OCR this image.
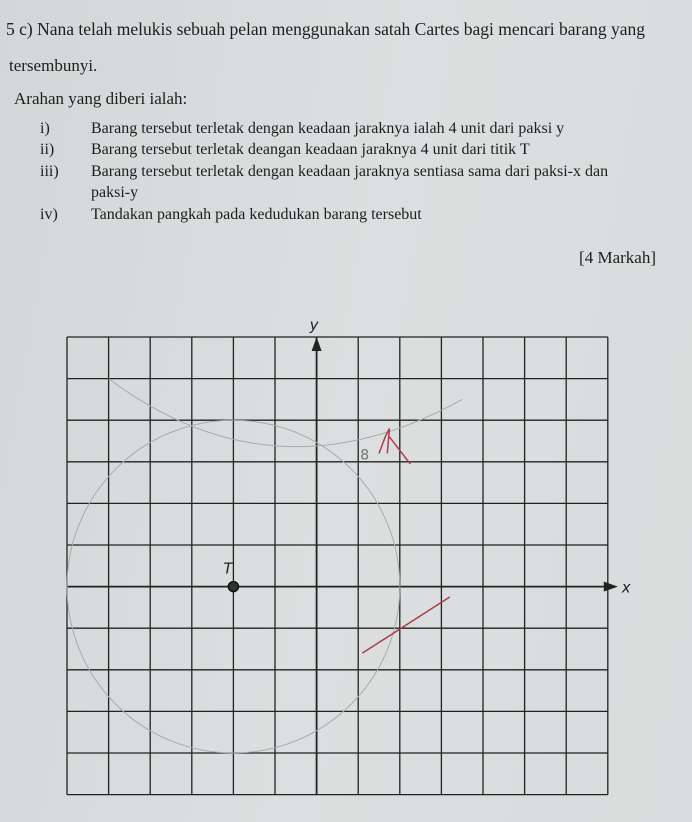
5 c) Nana telah melukis sebuah pelan menggunakan satah Cartes bagi mencari barang yang
tersembunyi.
Arahan yang diberi ialah:
i)	Barang tersebut terletak dengan keadaan jaraknya ialah 4 unit dari paksi y
ii) Barang tersebut terletak deangan keadaan jaraknya 4 unit dari titik T
iii) Barang tersebut terletak dengan keadaan jaraknya sentiasa sama dari paksi-x dan
paksi-y
iv) Tandakan pangkah pada kedudukan barang tersebut
[4 Markah]
8
x
y
T
